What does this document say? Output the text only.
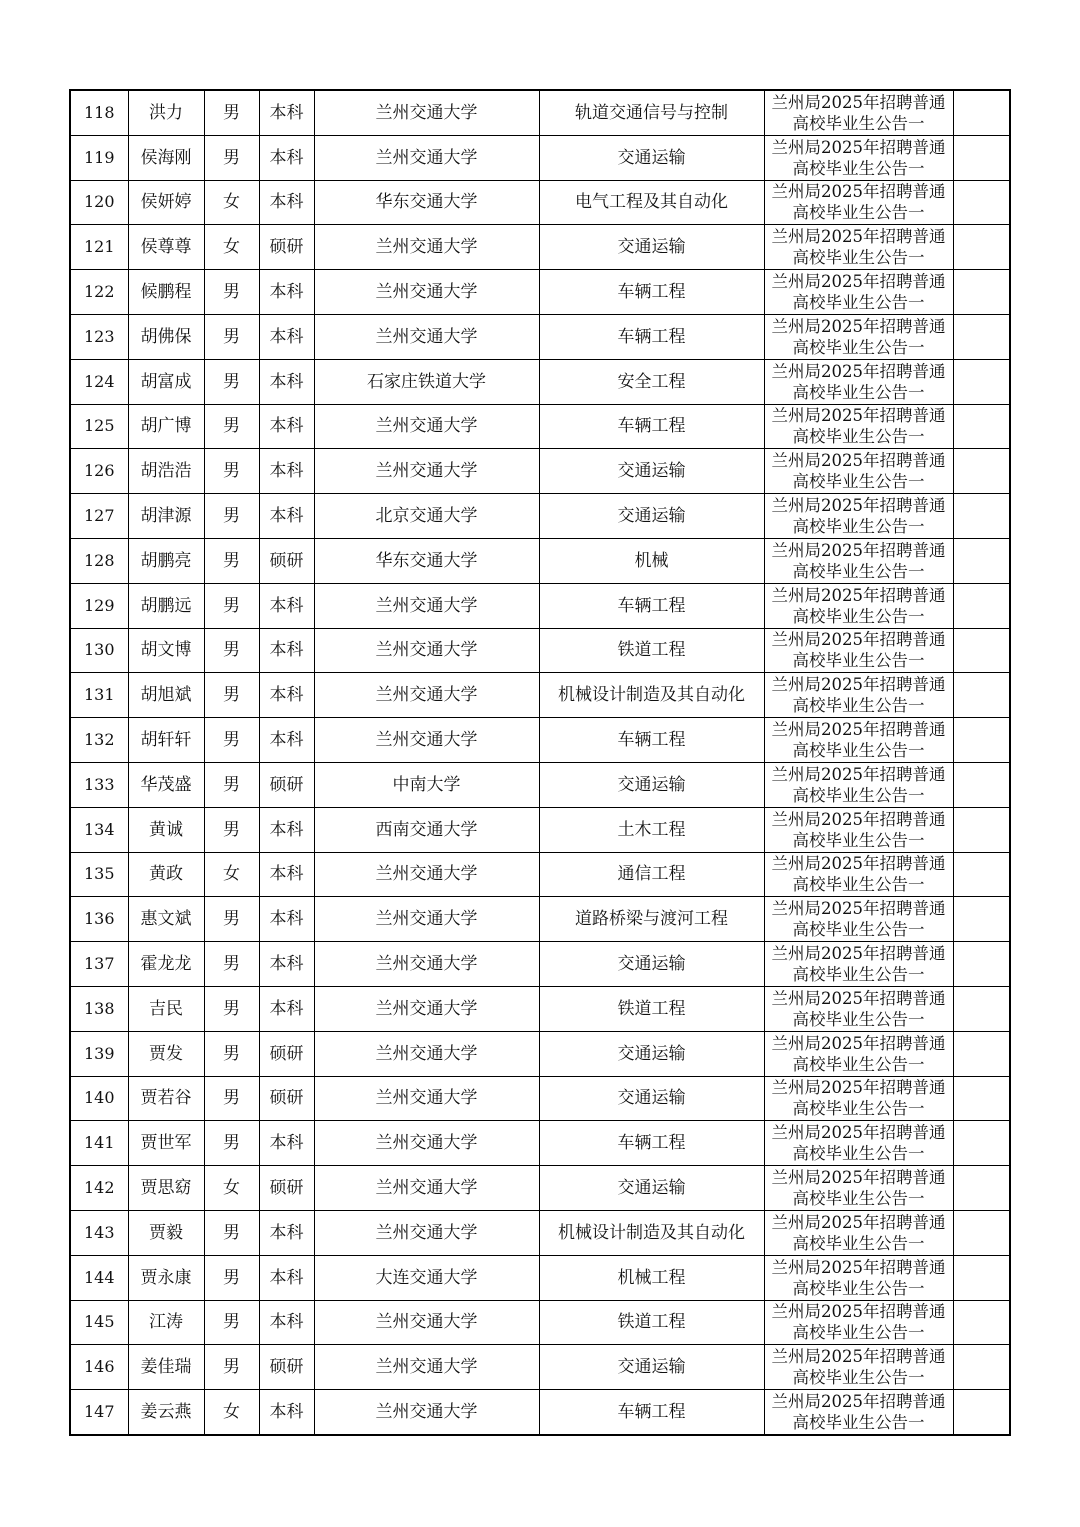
118	洪力	男	本科	兰州交通大学	轨道交通信号与控制	兰州局2025年招聘普通
高校毕业生公告一	

119	侯海刚	男	本科	兰州交通大学	交通运输	兰州局2025年招聘普通
高校毕业生公告一	

120	侯妍婷	女	本科	华东交通大学	电气工程及其自动化	兰州局2025年招聘普通
高校毕业生公告一	

121	侯尊尊	女	硕研	兰州交通大学	交通运输	兰州局2025年招聘普通
高校毕业生公告一	

122	候鹏程	男	本科	兰州交通大学	车辆工程	兰州局2025年招聘普通
高校毕业生公告一	

123	胡佛保	男	本科	兰州交通大学	车辆工程	兰州局2025年招聘普通
高校毕业生公告一	

124	胡富成	男	本科	石家庄铁道大学	安全工程	兰州局2025年招聘普通
高校毕业生公告一	

125	胡广博	男	本科	兰州交通大学	车辆工程	兰州局2025年招聘普通
高校毕业生公告一	

126	胡浩浩	男	本科	兰州交通大学	交通运输	兰州局2025年招聘普通
高校毕业生公告一	

127	胡津源	男	本科	北京交通大学	交通运输	兰州局2025年招聘普通
高校毕业生公告一	

128	胡鹏亮	男	硕研	华东交通大学	机械	兰州局2025年招聘普通
高校毕业生公告一	

129	胡鹏远	男	本科	兰州交通大学	车辆工程	兰州局2025年招聘普通
高校毕业生公告一	

130	胡文博	男	本科	兰州交通大学	铁道工程	兰州局2025年招聘普通
高校毕业生公告一	

131	胡旭斌	男	本科	兰州交通大学	机械设计制造及其自动化	兰州局2025年招聘普通
高校毕业生公告一	

132	胡轩轩	男	本科	兰州交通大学	车辆工程	兰州局2025年招聘普通
高校毕业生公告一	

133	华茂盛	男	硕研	中南大学	交通运输	兰州局2025年招聘普通
高校毕业生公告一	

134	黄诚	男	本科	西南交通大学	土木工程	兰州局2025年招聘普通
高校毕业生公告一	

135	黄政	女	本科	兰州交通大学	通信工程	兰州局2025年招聘普通
高校毕业生公告一	

136	惠文斌	男	本科	兰州交通大学	道路桥梁与渡河工程	兰州局2025年招聘普通
高校毕业生公告一	

137	霍龙龙	男	本科	兰州交通大学	交通运输	兰州局2025年招聘普通
高校毕业生公告一	

138	吉民	男	本科	兰州交通大学	铁道工程	兰州局2025年招聘普通
高校毕业生公告一	

139	贾发	男	硕研	兰州交通大学	交通运输	兰州局2025年招聘普通
高校毕业生公告一	

140	贾若谷	男	硕研	兰州交通大学	交通运输	兰州局2025年招聘普通
高校毕业生公告一	

141	贾世军	男	本科	兰州交通大学	车辆工程	兰州局2025年招聘普通
高校毕业生公告一	

142	贾思窈	女	硕研	兰州交通大学	交通运输	兰州局2025年招聘普通
高校毕业生公告一	

143	贾毅	男	本科	兰州交通大学	机械设计制造及其自动化	兰州局2025年招聘普通
高校毕业生公告一	

144	贾永康	男	本科	大连交通大学	机械工程	兰州局2025年招聘普通
高校毕业生公告一	

145	江涛	男	本科	兰州交通大学	铁道工程	兰州局2025年招聘普通
高校毕业生公告一	

146	姜佳瑞	男	硕研	兰州交通大学	交通运输	兰州局2025年招聘普通
高校毕业生公告一	

147	姜云燕	女	本科	兰州交通大学	车辆工程	兰州局2025年招聘普通
高校毕业生公告一	
